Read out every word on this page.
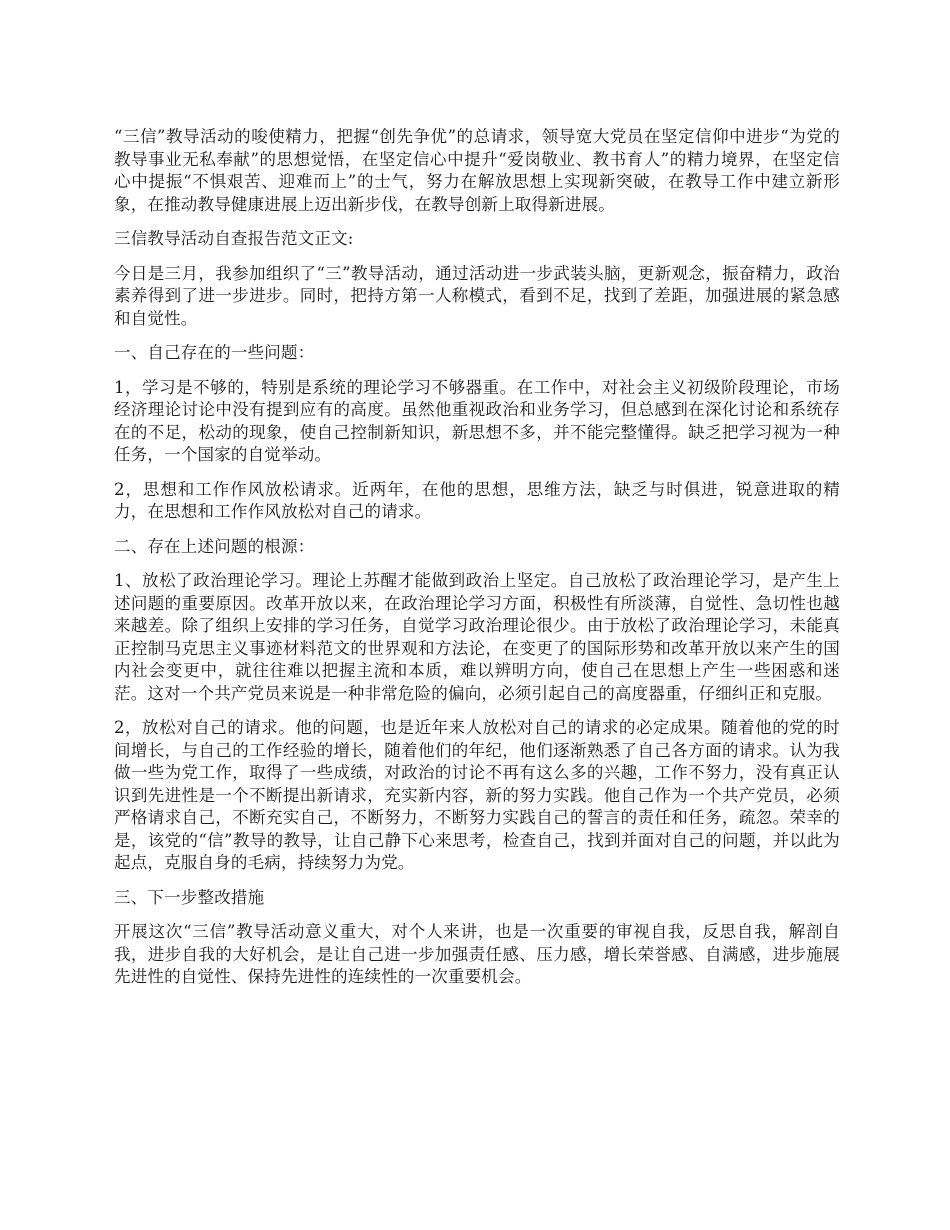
“三信”教导活动的唆使精力，把握“创先争优”的总请求，领导宽大党员在坚定信仰中进步“为党的教导事业无私奉献”的思想觉悟，在坚定信心中提升“爱岗敬业、教书育人”的精力境界，在坚定信心中提振“不惧艰苦、迎难而上”的士气，努力在解放思想上实现新突破，在教导工作中建立新形象，在推动教导健康进展上迈出新步伐，在教导创新上取得新进展。

三信教导活动自查报告范文正文:

今日是三月，我参加组织了“三”教导活动，通过活动进一步武装头脑，更新观念，振奋精力，政治素养得到了进一步进步。同时，把持方第一人称模式，看到不足，找到了差距，加强进展的紧急感和自觉性。

一、自己存在的一些问题：

1，学习是不够的，特别是系统的理论学习不够器重。在工作中，对社会主义初级阶段理论，市场经济理论讨论中没有提到应有的高度。虽然他重视政治和业务学习，但总感到在深化讨论和系统存在的不足，松动的现象，使自己控制新知识，新思想不多，并不能完整懂得。缺乏把学习视为一种任务，一个国家的自觉举动。

2，思想和工作作风放松请求。近两年，在他的思想，思维方法，缺乏与时俱进，锐意进取的精力，在思想和工作作风放松对自己的请求。

二、存在上述问题的根源：

1、放松了政治理论学习。理论上苏醒才能做到政治上坚定。自己放松了政治理论学习，是产生上述问题的重要原因。改革开放以来，在政治理论学习方面，积极性有所淡薄，自觉性、急切性也越来越差。除了组织上安排的学习任务，自觉学习政治理论很少。由于放松了政治理论学习，未能真正控制马克思主义事迹材料范文的世界观和方法论，在变更了的国际形势和改革开放以来产生的国内社会变更中，就往往难以把握主流和本质，难以辨明方向，使自己在思想上产生一些困惑和迷茫。这对一个共产党员来说是一种非常危险的偏向，必须引起自己的高度器重，仔细纠正和克服。

2，放松对自己的请求。他的问题，也是近年来人放松对自己的请求的必定成果。随着他的党的时间增长，与自己的工作经验的增长，随着他们的年纪，他们逐渐熟悉了自己各方面的请求。认为我做一些为党工作，取得了一些成绩，对政治的讨论不再有这么多的兴趣，工作不努力，没有真正认识到先进性是一个不断提出新请求，充实新内容，新的努力实践。他自己作为一个共产党员，必须严格请求自己，不断充实自己，不断努力，不断努力实践自己的誓言的责任和任务，疏忽。荣幸的是，该党的“信”教导的教导，让自己静下心来思考，检查自己，找到并面对自己的问题，并以此为起点，克服自身的毛病，持续努力为党。

三、下一步整改措施

开展这次“三信”教导活动意义重大，对个人来讲，也是一次重要的审视自我，反思自我，解剖自我，进步自我的大好机会，是让自己进一步加强责任感、压力感，增长荣誉感、自满感，进步施展先进性的自觉性、保持先进性的连续性的一次重要机会。
